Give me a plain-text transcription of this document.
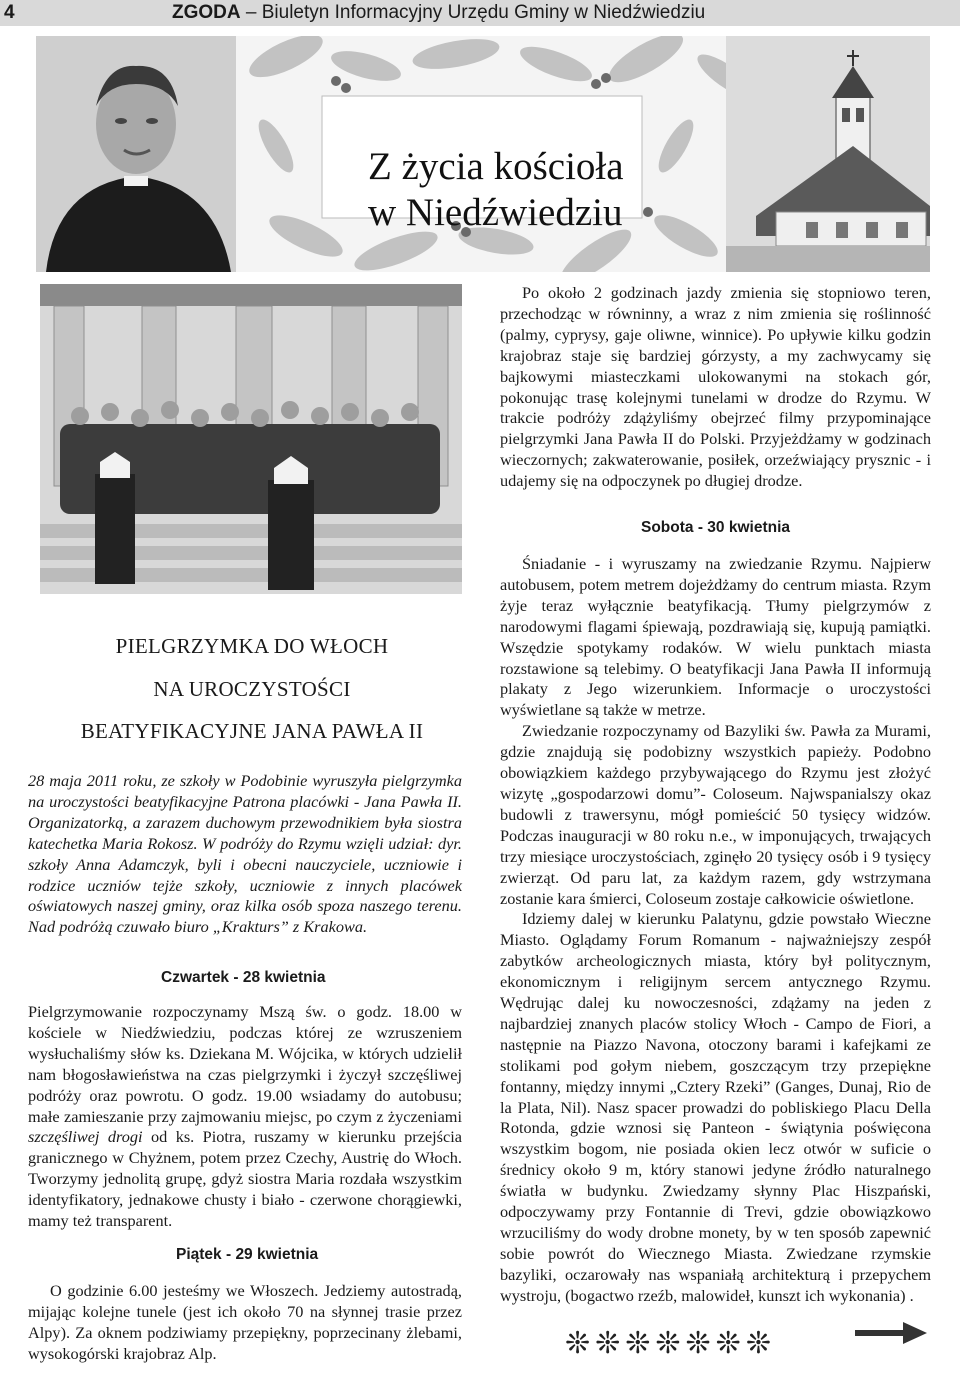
4	ZGODA – Biuletyn Informacyjny Urzędu Gminy w Niedźwiedziu
Z życia kościoła
w Niedźwiedziu
PIELGRZYMKA DO WŁOCH
NA UROCZYSTOŚCI
BEATYFIKACYJNE JANA PAWŁA II

28 maja 2011 roku, ze szkoły w Podobinie wyruszyła pielgrzymka na uroczystości beatyfikacyjne Patrona placówki - Jana Pawła II. Organizatorką, a zarazem duchowym przewodnikiem była siostra katechetka Maria Rokosz. W podróży do Rzymu wzięli udział: dyr. szkoły Anna Adamczyk, byli i obecni nauczyciele, uczniowie i rodzice uczniów tejże szkoły, uczniowie z innych placówek oświatowych naszej gminy, oraz kilka osób spoza naszego terenu. Nad podróżą czuwało biuro „Kraktur​s” z Krakowa.

Czwartek - 28 kwietnia

Pielgrzymowanie rozpoczynamy Mszą św. o godz. 18.00 w kościele w Niedźwiedziu, podczas której ze wzruszeniem wysłuchaliśmy słów ks. Dziekana M. Wójcika, w których udzielił nam błogosławieństwa na czas pielgrzymki i życzył szczęśliwej podróży oraz powrotu. O godz. 19.00 wsiadamy do autobusu; małe zamieszanie przy zajmowaniu miejsc, po czym z życzeniami szczęśliwej drogi od ks. Piotra, ruszamy w kierunku przejścia granicznego w Chyżnem, potem przez Czechy, Austrię do Włoch. Tworzymy jednolitą grupę, gdyż siostra Maria rozdała wszystkim identyfikatory, jednakowe chusty i biało - czerwone chorągiewki, mamy też transparent.

Piątek - 29 kwietnia

O godzinie 6.00 jesteśmy we Włoszech. Jedziemy autostradą, mijając kolejne tunele (jest ich około 70 na słynnej trasie przez Alpy). Za oknem podziwiamy przepiękny, poprzecinany żlebami, wysokogórski krajobraz Alp.

Po około 2 godzinach jazdy zmienia się stopniowo teren, przechodząc w równinny, a wraz z nim zmienia się roślinność (palmy, cyprysy, gaje oliwne, winnice). Po upływie kilku godzin krajobraz staje się bardziej górzysty, a my zachwycamy się bajkowymi miasteczkami ulokowanymi na stokach gór, pokonując trasę kolejnymi tunelami w drodze do Rzymu. W trakcie podróży zdążyliśmy obejrzeć filmy przypominające pielgrzymki Jana Pawła II do Polski. Przyjeżdżamy w godzinach wieczornych; zakwaterowanie, posiłek, orzeźwiający prysznic - i udajemy się na odpoczynek po długiej drodze.

Sobota - 30 kwietnia

Śniadanie - i wyruszamy na zwiedzanie Rzymu. Najpierw autobusem, potem metrem dojeżdżamy do centrum miasta. Rzym żyje teraz wyłącznie beatyfikacją. Tłumy pielgrzymów z narodowymi flagami śpiewają, pozdrawiają się, kupują pamiątki. Wszędzie spotykamy rodaków. W wielu punktach miasta rozstawione są telebimy. O beatyfikacji Jana Pawła II informują plakaty z Jego wizerunkiem. Informacje o uroczystości wyświetlane są także w metrze.

Zwiedzanie rozpoczynamy od Bazyliki św. Pawła za Murami, gdzie znajdują się podobizny wszystkich papieży. Podobno obowiązkiem każdego przybywającego do Rzymu jest złożyć wizytę „gospodarzowi domu”- Coloseum. Najwspanialszy okaz budowli z trawersynu, mógł pomieścić 50 tysięcy widzów. Podczas inauguracji w 80 roku n.e., w imponujących, trwających trzy miesiące uroczystościach, zginęło 20 tysięcy osób i 9 tysięcy zwierząt. Od paru lat, za każdym razem, gdy wstrzymana zostanie kara śmierci, Coloseum zostaje całkowicie oświetlone.

Idziemy dalej w kierunku Palatynu, gdzie powstało Wieczne Miasto. Oglądamy Forum Romanum - najważniejszy zespół zabytków archeologicznych miasta, który był politycznym, ekonomicznym i religijnym sercem antycznego Rzymu. Wędrując dalej ku nowoczesności, zdążamy na jeden z najbardziej znanych placów stolicy Włoch - Campo de Fiori, a następnie na Piazzo Navona, otoczony barami i kafejkami ze stolikami pod gołym niebem, goszczącym trzy przepiękne fontanny, między innymi „Cztery Rzeki” (Ganges, Dunaj, Rio de la Plata, Nil). Nasz spacer prowadzi do pobliskiego Placu Della Rotonda, gdzie wznosi się Panteon - świątynia poświęcona wszystkim bogom, nie posiada okien lecz otwór w suficie o średnicy około 9 m, który stanowi jedyne źródło naturalnego światła w budynku. Zwiedzamy słynny Plac Hiszpański, odpoczywamy przy Fontannie di Trevi, gdzie obowiązkowo wrzuciliśmy do wody drobne monety, by w ten sposób zapewnić sobie powrót do Wiecznego Miasta. Zwiedzane rzymskie bazyliki, oczarowały nas wspaniałą architekturą i przepychem wystroju, (bogactwo rzeźb, malowideł, kunszt ich wykonania) .

❊❊❊❊❊❊❊
